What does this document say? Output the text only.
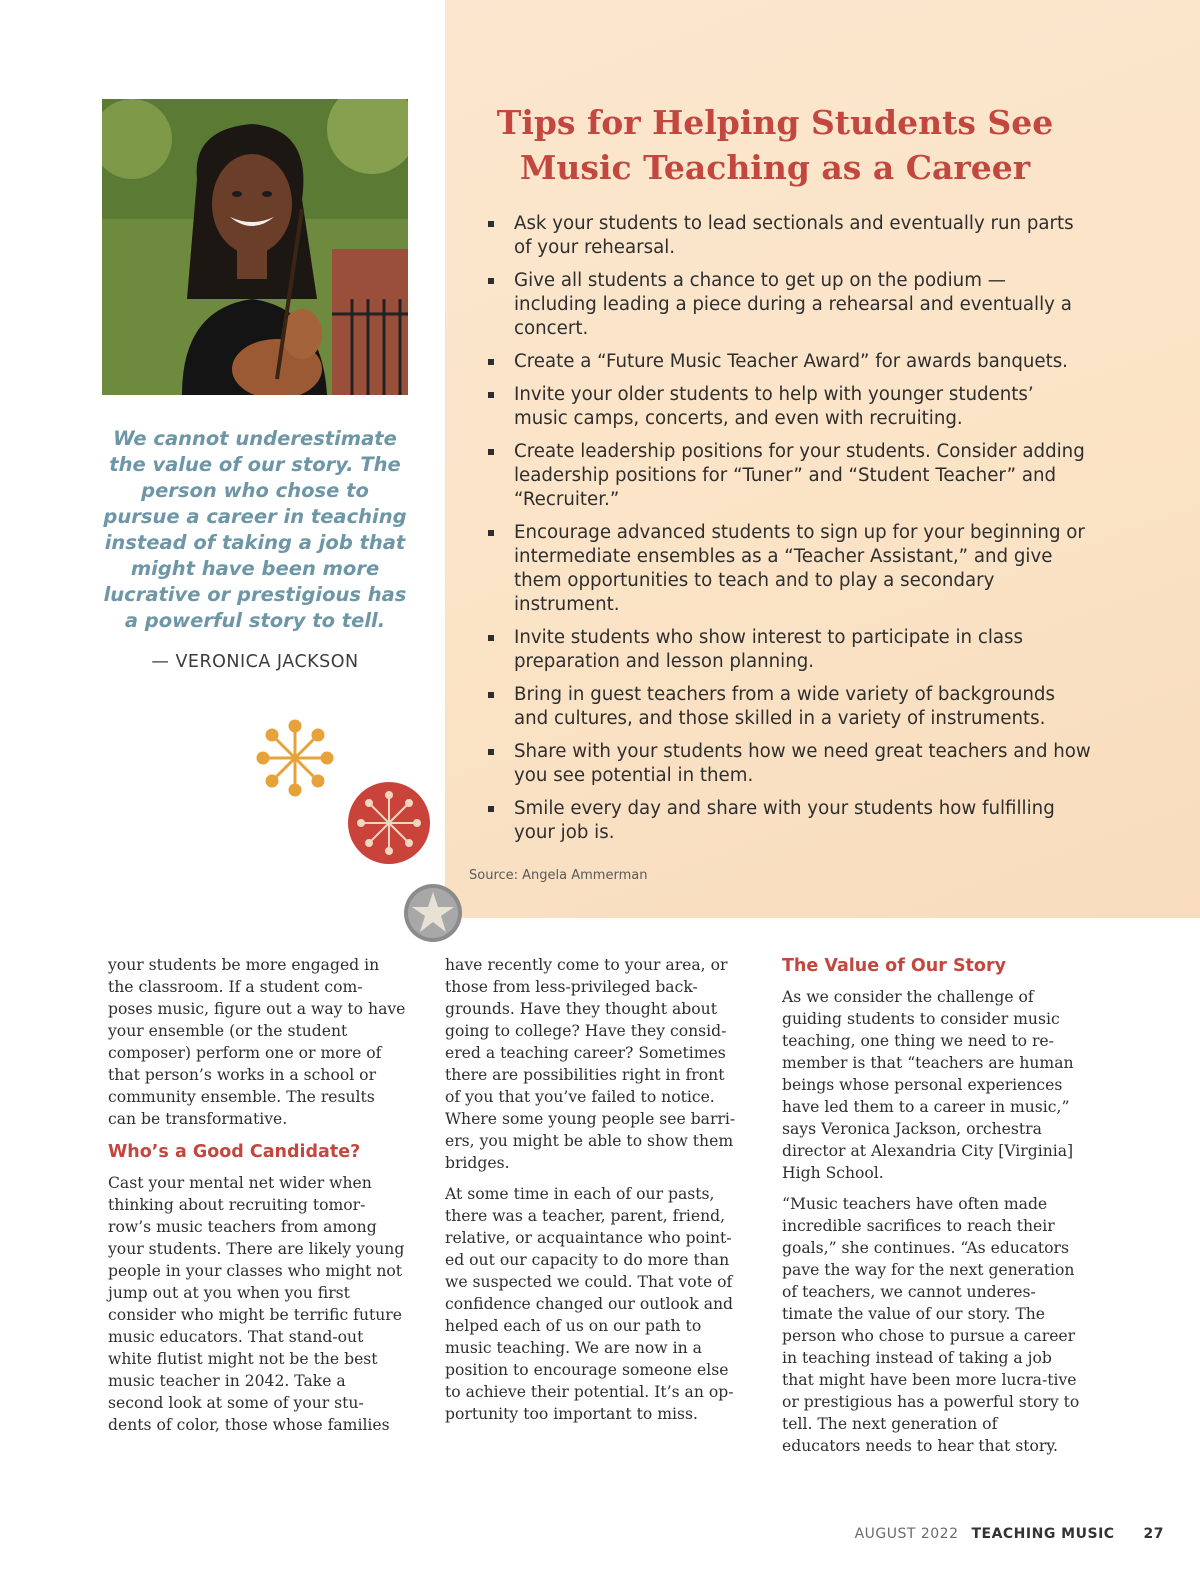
We cannot underestimate the value of our story. The person who chose to pursue a career in teaching instead of taking a job that might have been more lucrative or prestigious has a powerful story to tell.
— VERONICA JACKSON
Tips for Helping Students See Music Teaching as a Career
Ask your students to lead sectionals and eventually run parts of your rehearsal.
Give all students a chance to get up on the podium — including leading a piece during a rehearsal and eventually a concert.
Create a “Future Music Teacher Award” for awards banquets.
Invite your older students to help with younger students’ music camps, concerts, and even with recruiting.
Create leadership positions for your students. Consider adding leadership positions for “Tuner” and “Student Teacher” and “Recruiter.”
Encourage advanced students to sign up for your beginning or intermediate ensembles as a “Teacher Assistant,” and give them opportunities to teach and to play a secondary instrument.
Invite students who show interest to participate in class preparation and lesson planning.
Bring in guest teachers from a wide variety of backgrounds and cultures, and those skilled in a variety of instruments.
Share with your students how we need great teachers and how you see potential in them.
Smile every day and share with your students how fulfilling your job is.
Source: Angela Ammerman

your students be more engaged in the classroom. If a student com-poses music, figure out a way to have your ensemble (or the student composer) perform one or more of that person’s works in a school or community ensemble. The results can be transformative.

Who’s a Good Candidate?

Cast your mental net wider when thinking about recruiting tomor-row’s music teachers from among your students. There are likely young people in your classes who might not jump out at you when you first consider who might be terrific future music educators. That stand-out white flutist might not be the best music teacher in 2042. Take a second look at some of your stu-dents of color, those whose families

have recently come to your area, or those from less-privileged back-grounds. Have they thought about going to college? Have they consid-ered a teaching career? Sometimes there are possibilities right in front of you that you’ve failed to notice. Where some young people see barri-ers, you might be able to show them bridges.

At some time in each of our pasts, there was a teacher, parent, friend, relative, or acquaintance who point-ed out our capacity to do more than we suspected we could. That vote of confidence changed our outlook and helped each of us on our path to music teaching. We are now in a position to encourage someone else to achieve their potential. It’s an op-portunity too important to miss.

The Value of Our Story

As we consider the challenge of guiding students to consider music teaching, one thing we need to re-member is that “teachers are human beings whose personal experiences have led them to a career in music,” says Veronica Jackson, orchestra director at Alexandria City [Virginia] High School.

“Music teachers have often made incredible sacrifices to reach their goals,” she continues. “As educators pave the way for the next generation of teachers, we cannot underes-timate the value of our story. The person who chose to pursue a career in teaching instead of taking a job that might have been more lucra-tive or prestigious has a powerful story to tell. The next generation of educators needs to hear that story.

AUGUST 2022 TEACHING MUSIC 27
